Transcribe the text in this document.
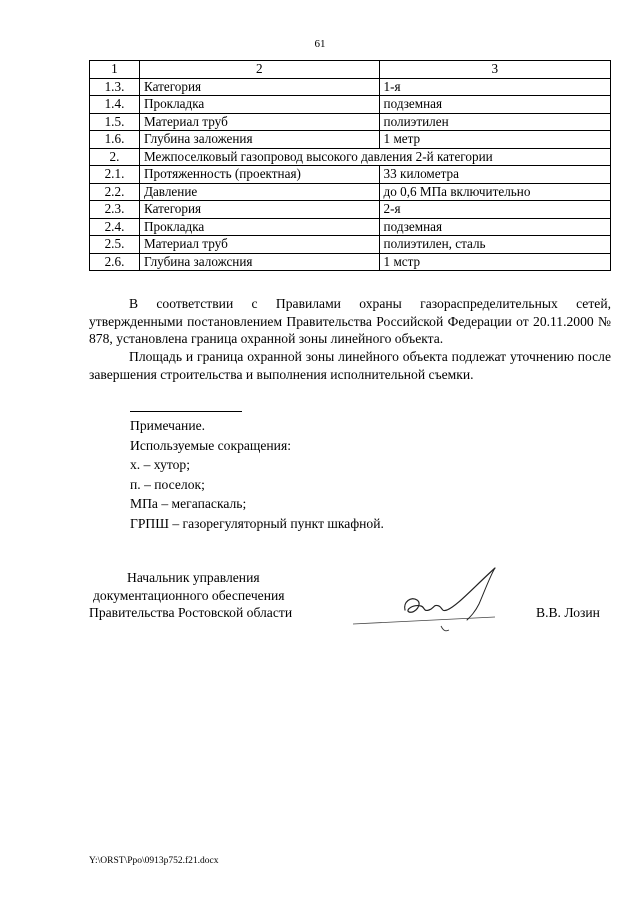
61
1	2	3
1.3.	Категория	1-я
1.4.	Прокладка	подземная
1.5.	Материал труб	полиэтилен
1.6.	Глубина заложения	1 метр
2.	Межпоселковый газопровод высокого давления 2-й категории	
2.1.	Протяженность (проектная)	33 километра
2.2.	Давление	до 0,6 МПа включительно
2.3.	Категория	2-я
2.4.	Прокладка	подземная
2.5.	Материал труб	полиэтилен, сталь
2.6.	Глубина заложсния	1 мстр

В соответствии с Правилами охраны газораспределительных сетей, утвержденными постановлением Правительства Российской Федерации от 20.11.2000 № 878, установлена граница охранной зоны линейного объекта.

Площадь и граница охранной зоны линейного объекта подлежат уточнению после завершения строительства и выполнения исполнительной съемки.

Примечание.
Используемые сокращения:
х. – хутор;
п. – поселок;
МПа – мегапаскаль;
ГРПШ – газорегуляторный пункт шкафной.
Начальник управления
документационного обеспечения
Правительства Ростовской области	В.В. Лозин
Y:\ORST\Ppo\0913p752.f21.docx
